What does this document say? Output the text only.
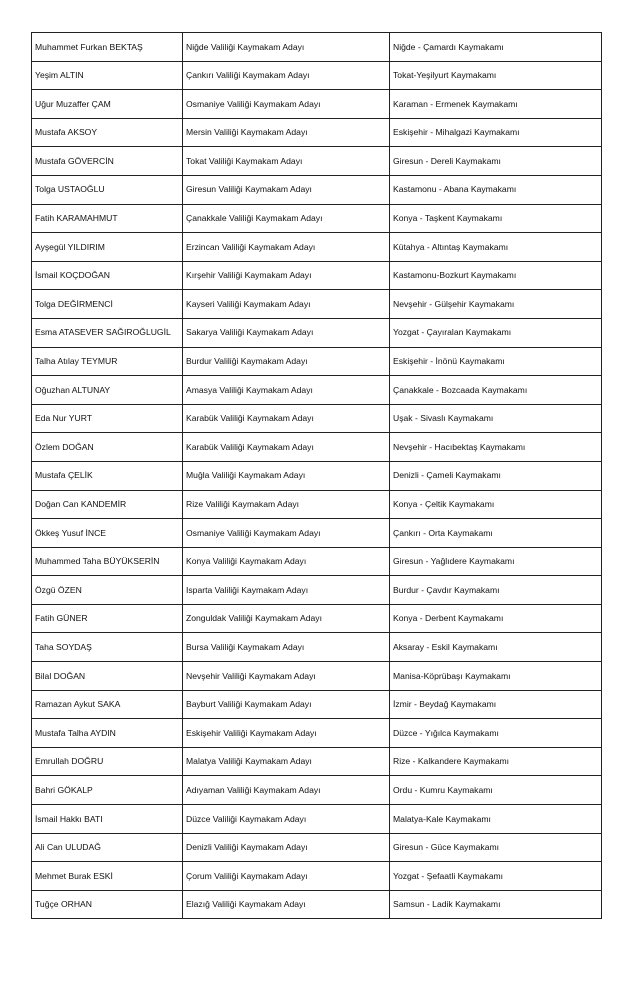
Muhammet Furkan BEKTAŞ	Niğde Valiliği Kaymakam Adayı	Niğde - Çamardı Kaymakamı
Yeşim ALTIN	Çankırı Valiliği Kaymakam Adayı	Tokat-Yeşilyurt Kaymakamı
Uğur Muzaffer ÇAM	Osmaniye Valiliği Kaymakam Adayı	Karaman - Ermenek Kaymakamı
Mustafa AKSOY	Mersin Valiliği Kaymakam Adayı	Eskişehir - Mihalgazi Kaymakamı
Mustafa GÖVERCİN	Tokat Valiliği Kaymakam Adayı	Giresun - Dereli Kaymakamı
Tolga USTAOĞLU	Giresun Valiliği Kaymakam Adayı	Kastamonu - Abana Kaymakamı
Fatih KARAMAHMUT	Çanakkale Valiliği Kaymakam Adayı	Konya - Taşkent Kaymakamı
Ayşegül YILDIRIM	Erzincan Valiliği Kaymakam Adayı	Kütahya - Altıntaş Kaymakamı
İsmail KOÇDOĞAN	Kırşehir Valiliği Kaymakam Adayı	Kastamonu-Bozkurt Kaymakamı
Tolga DEĞİRMENCİ	Kayseri Valiliği Kaymakam Adayı	Nevşehir - Gülşehir Kaymakamı
Esma ATASEVER SAĞIROĞLUGİL	Sakarya Valiliği Kaymakam Adayı	Yozgat - Çayıralan Kaymakamı
Talha Atılay TEYMUR	Burdur Valiliği Kaymakam Adayı	Eskişehir - İnönü Kaymakamı
Oğuzhan ALTUNAY	Amasya Valiliği Kaymakam Adayı	Çanakkale - Bozcaada Kaymakamı
Eda Nur YURT	Karabük Valiliği Kaymakam Adayı	Uşak - Sivaslı Kaymakamı
Özlem DOĞAN	Karabük Valiliği Kaymakam Adayı	Nevşehir - Hacıbektaş Kaymakamı
Mustafa ÇELİK	Muğla Valiliği Kaymakam Adayı	Denizli - Çameli Kaymakamı
Doğan Can KANDEMİR	Rize Valiliği Kaymakam Adayı	Konya - Çeltik Kaymakamı
Ökkeş Yusuf İNCE	Osmaniye Valiliği Kaymakam Adayı	Çankırı - Orta Kaymakamı
Muhammed Taha BÜYÜKSERİN	Konya Valiliği Kaymakam Adayı	Giresun - Yağlıdere Kaymakamı
Özgü ÖZEN	Isparta Valiliği Kaymakam Adayı	Burdur - Çavdır Kaymakamı
Fatih GÜNER	Zonguldak Valiliği Kaymakam Adayı	Konya - Derbent Kaymakamı
Taha SOYDAŞ	Bursa Valiliği Kaymakam Adayı	Aksaray - Eskil Kaymakamı
Bilal DOĞAN	Nevşehir Valiliği Kaymakam Adayı	Manisa-Köprübaşı Kaymakamı
Ramazan Aykut SAKA	Bayburt Valiliği Kaymakam Adayı	İzmir - Beydağ Kaymakamı
Mustafa Talha AYDIN	Eskişehir Valiliği Kaymakam Adayı	Düzce - Yığılca Kaymakamı
Emrullah DOĞRU	Malatya Valiliği Kaymakam Adayı	Rize - Kalkandere Kaymakamı
Bahri GÖKALP	Adıyaman Valiliği Kaymakam Adayı	Ordu - Kumru Kaymakamı
İsmail Hakkı BATI	Düzce Valiliği Kaymakam Adayı	Malatya-Kale Kaymakamı
Ali Can ULUDAĞ	Denizli Valiliği Kaymakam Adayı	Giresun - Güce Kaymakamı
Mehmet Burak ESKİ	Çorum Valiliği Kaymakam Adayı	Yozgat - Şefaatli Kaymakamı
Tuğçe ORHAN	Elazığ Valiliği Kaymakam Adayı	Samsun - Ladik Kaymakamı
